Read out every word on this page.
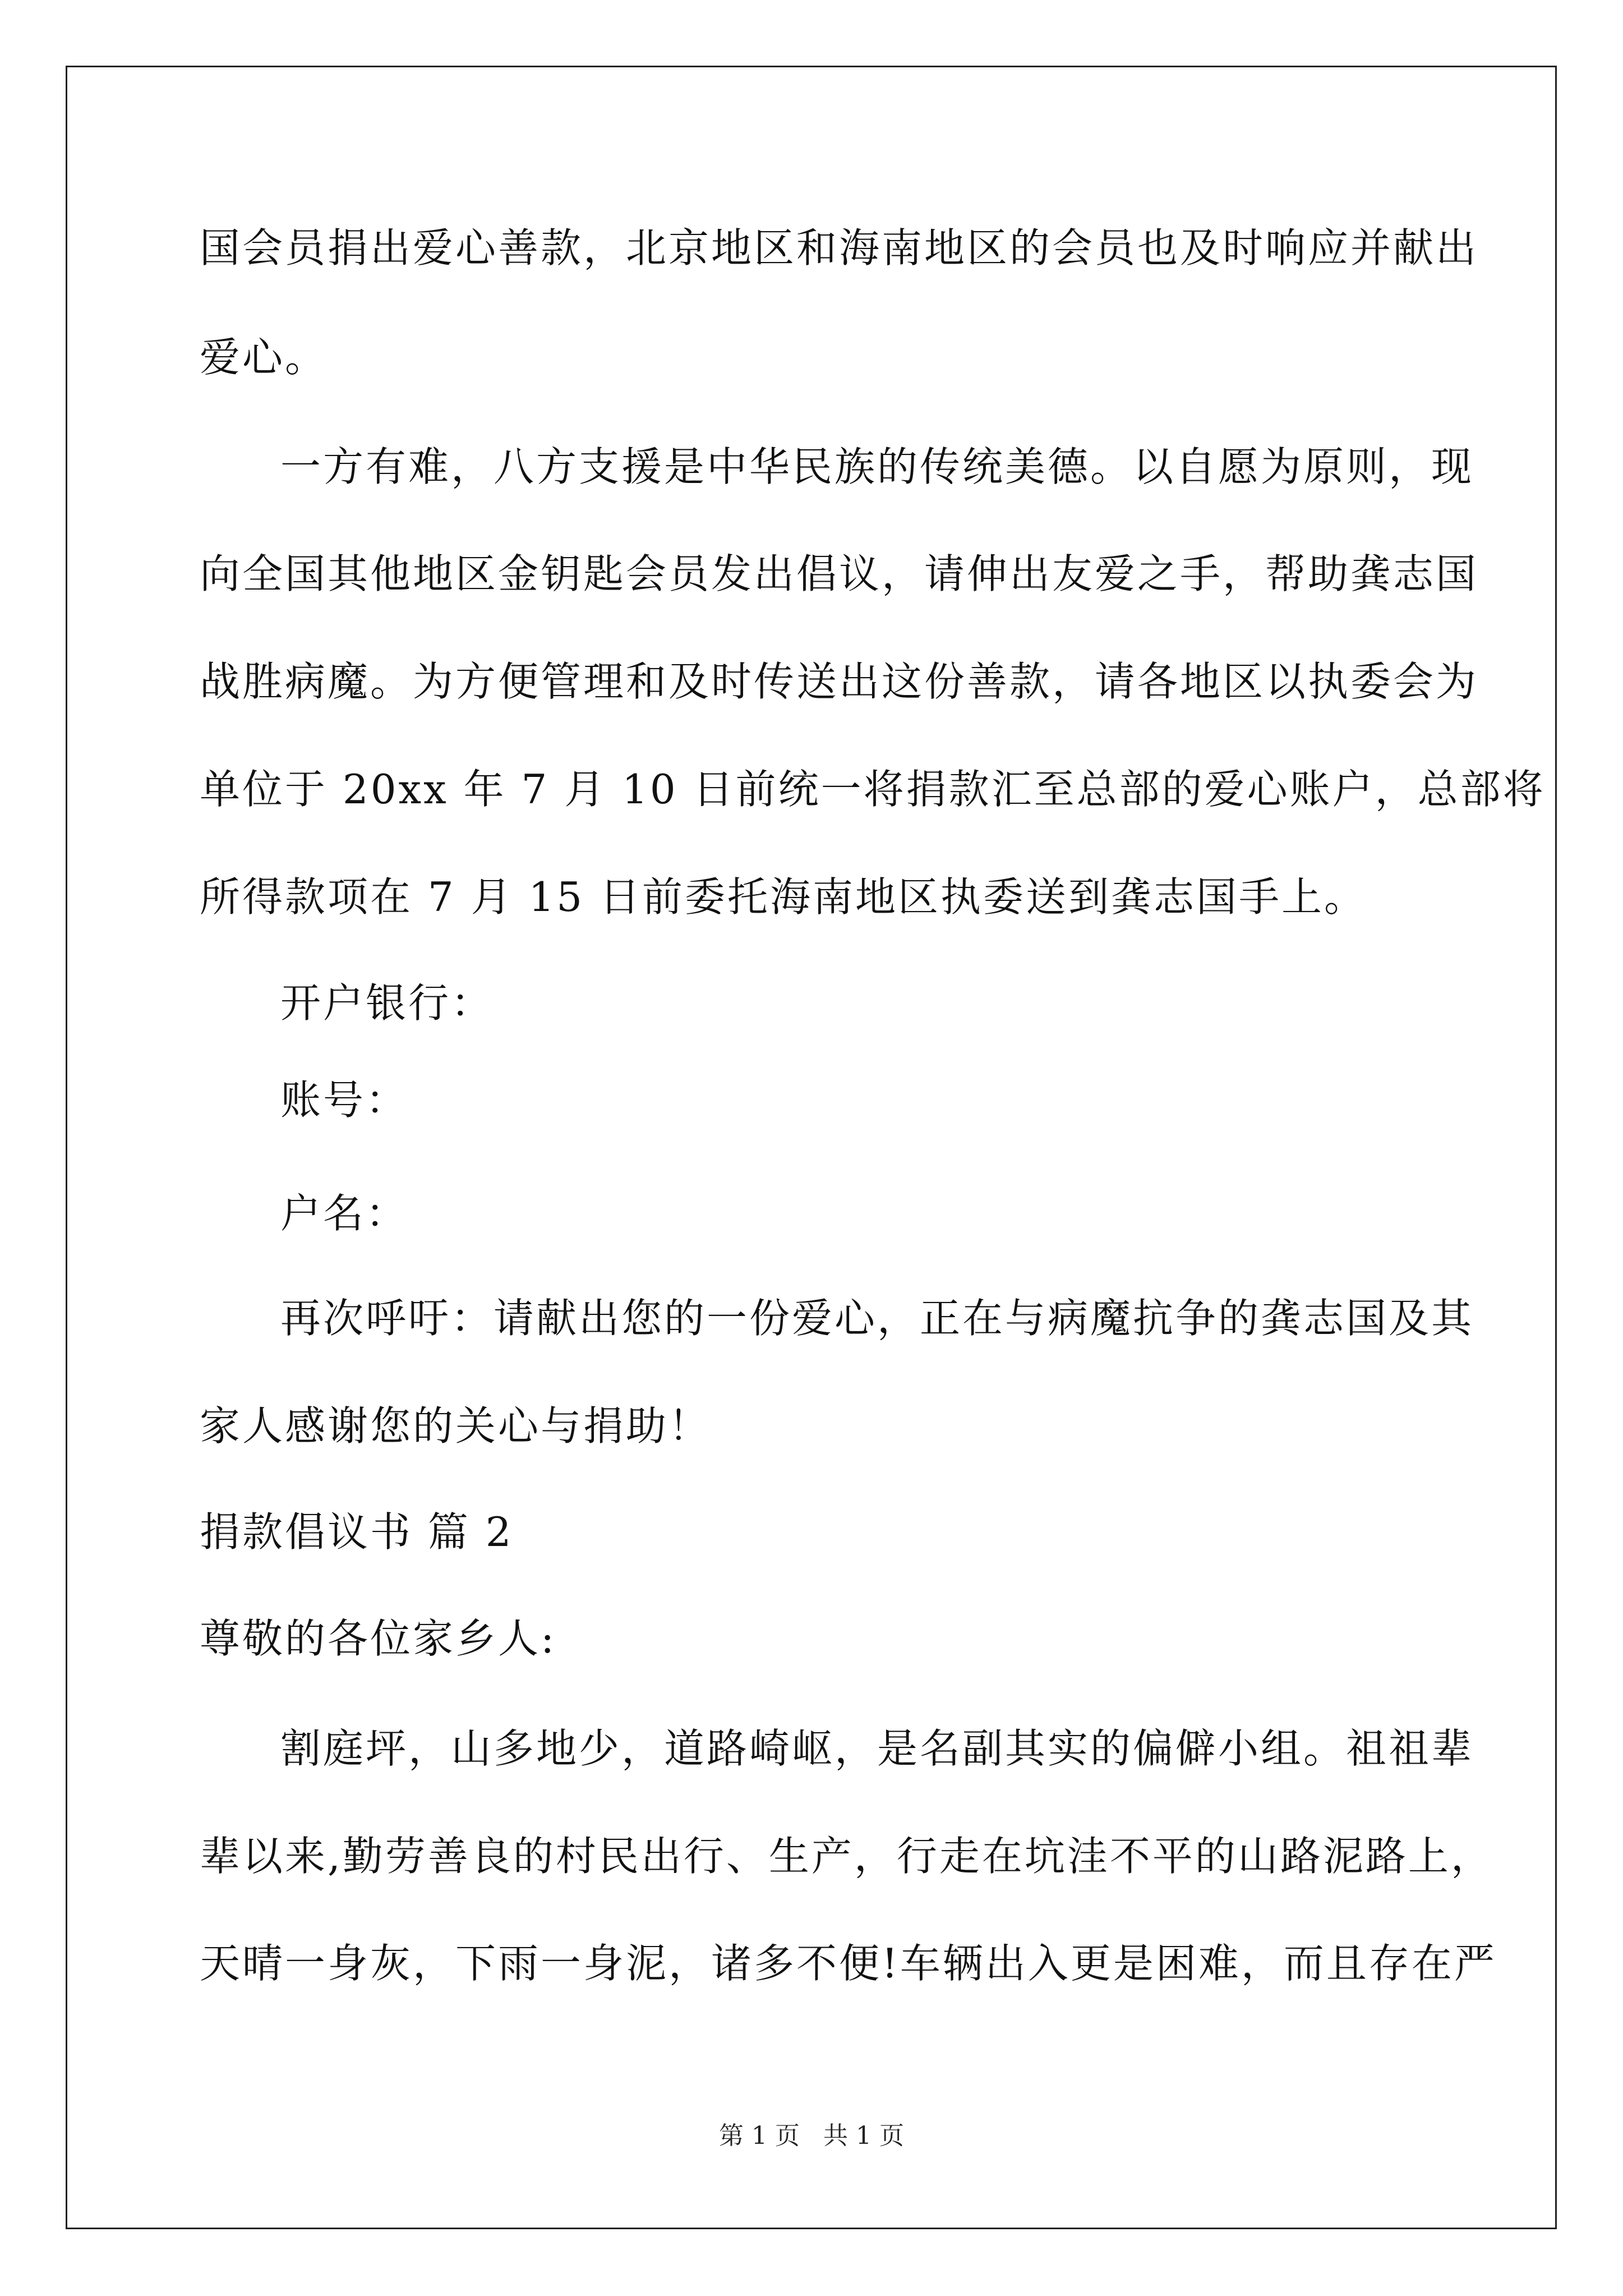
国会员捐出爱心善款，北京地区和海南地区的会员也及时响应并献出
爱心。
一方有难，八方支援是中华民族的传统美德。以自愿为原则，现
向全国其他地区金钥匙会员发出倡议，请伸出友爱之手，帮助龚志国
战胜病魔。为方便管理和及时传送出这份善款，请各地区以执委会为
单位于 20xx 年 7 月 10 日前统一将捐款汇至总部的爱心账户，总部将
所得款项在 7 月 15 日前委托海南地区执委送到龚志国手上。
开户银行：
账号：
户名：
再次呼吁：请献出您的一份爱心，正在与病魔抗争的龚志国及其
家人感谢您的关心与捐助！
捐款倡议书 篇 2
尊敬的各位家乡人:
割庭坪，山多地少，道路崎岖，是名副其实的偏僻小组。祖祖辈
辈以来,勤劳善良的村民出行、生产，行走在坑洼不平的山路泥路上，
天晴一身灰，下雨一身泥，诸多不便!车辆出入更是困难，而且存在严
第 1 页 共 1 页
